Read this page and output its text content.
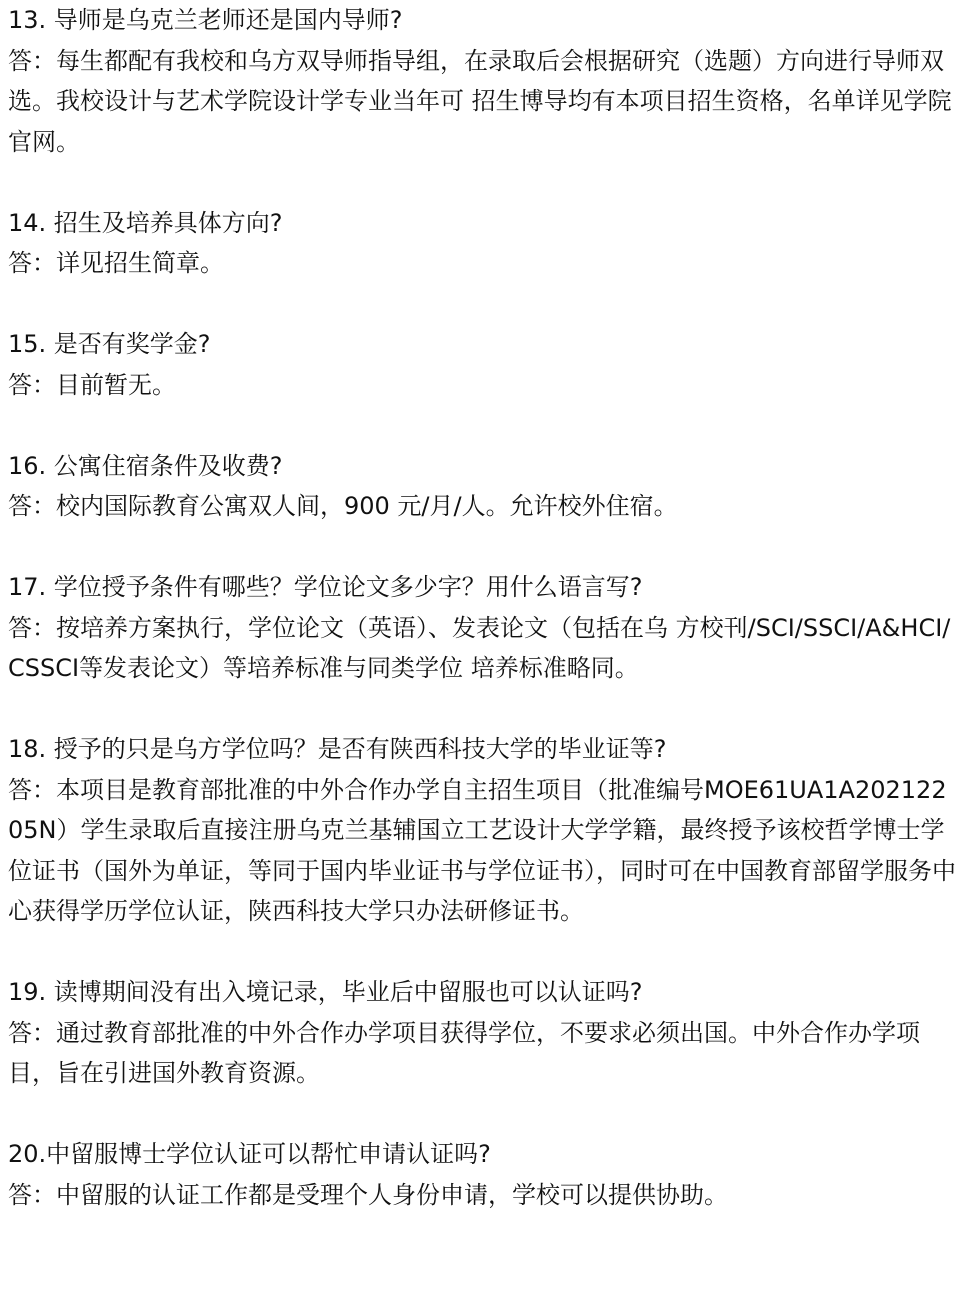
13. 导师是乌克兰老师还是国内导师?

答：每生都配有我校和乌方双导师指导组，在录取后会根据研究（选题）方向进行导师双选。我校设计与艺术学院设计学专业当年可 招生博导均有本项目招生资格，名单详见学院官网。

14. 招生及培养具体方向?

答：详见招生简章。

15. 是否有奖学金?

答：目前暂无。

16. 公寓住宿条件及收费?

答：校内国际教育公寓双人间，900 元/月/人。允许校外住宿。

17. 学位授予条件有哪些？学位论文多少字？用什么语言写?

答：按培养方案执行，学位论文（英语）、发表论文（包括在乌 方校刊/SCI/SSCI/A&HCI/CSSCI等发表论文）等培养标准与同类学位 培养标准略同。

18. 授予的只是乌方学位吗？是否有陕西科技大学的毕业证等?

答：本项目是教育部批准的中外合作办学自主招生项目（批准编号MOE61UA1A20212205N）学生录取后直接注册乌克兰基辅国立工艺设计大学学籍，最终授予该校哲学博士学位证书（国外为单证，等同于国内毕业证书与学位证书），同时可在中国教育部留学服务中心获得学历学位认证，陕西科技大学只办法研修证书。

19. 读博期间没有出入境记录，毕业后中留服也可以认证吗?

答：通过教育部批准的中外合作办学项目获得学位，不要求必须出国。中外合作办学项目，旨在引进国外教育资源。

20.中留服博士学位认证可以帮忙申请认证吗?

答：中留服的认证工作都是受理个人身份申请，学校可以提供协助。
